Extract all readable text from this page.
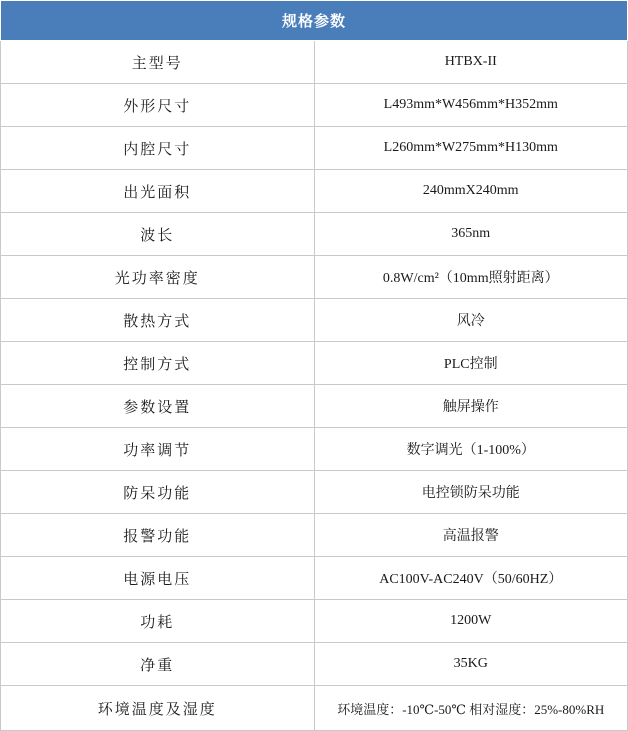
规格参数	
主型号	HTBX-II
外形尺寸	L493mm*W456mm*H352mm
内腔尺寸	L260mm*W275mm*H130mm
出光面积	240mmX240mm
波长	365nm
光功率密度	0.8W/cm²（10mm照射距离）
散热方式	风冷
控制方式	PLC控制
参数设置	触屏操作
功率调节	数字调光（1-100%）
防呆功能	电控锁防呆功能
报警功能	高温报警
电源电压	AC100V-AC240V（50/60HZ）
功耗	1200W
净重	35KG
环境温度及湿度	环境温度：-10℃-50℃ 相对湿度：25%-80%RH
